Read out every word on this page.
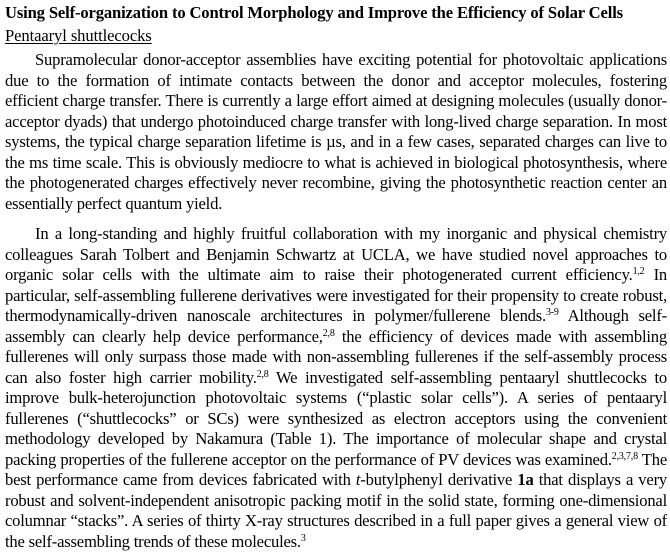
Using Self-organization to Control Morphology and Improve the Efficiency of Solar Cells
Pentaaryl shuttlecocks

Supramolecular donor-acceptor assemblies have exciting potential for photovoltaic applications due to the formation of intimate contacts between the donor and acceptor molecules, fostering efficient charge transfer. There is currently a large effort aimed at designing molecules (usually donor-acceptor dyads) that undergo photoinduced charge transfer with long-lived charge separation. In most systems, the typical charge separation lifetime is µs, and in a few cases, separated charges can live to the ms time scale. This is obviously mediocre to what is achieved in biological photosynthesis, where the photogenerated charges effectively never recombine, giving the photosynthetic reaction center an essentially perfect quantum yield.

In a long-standing and highly fruitful collaboration with my inorganic and physical chemistry colleagues Sarah Tolbert and Benjamin Schwartz at UCLA, we have studied novel approaches to organic solar cells with the ultimate aim to raise their photogenerated current efficiency.$^{1,2}$ In particular, self-assembling fullerene derivatives were investigated for their propensity to create robust, thermodynamically-driven nanoscale architectures in polymer/fullerene blends.$^{3-9}$ Although self-assembly can clearly help device performance,$^{2,8}$ the efficiency of devices made with assembling fullerenes will only surpass those made with non-assembling fullerenes if the self-assembly process can also foster high carrier mobility.$^{2,8}$ We investigated self-assembling pentaaryl shuttlecocks to improve bulk-heterojunction photovoltaic systems (“plastic solar cells”). A series of pentaaryl fullerenes (“shuttlecocks” or SCs) were synthesized as electron acceptors using the convenient methodology developed by Nakamura (Table 1). The importance of molecular shape and crystal packing properties of the fullerene acceptor on the performance of PV devices was examined.$^{2,3,7,8}$ The best performance came from devices fabricated with t-butylphenyl derivative 1a that displays a very robust and solvent-independent anisotropic packing motif in the solid state, forming one-dimensional columnar “stacks”. A series of thirty X-ray structures described in a full paper gives a general view of the self-assembling trends of these molecules.$^3$
